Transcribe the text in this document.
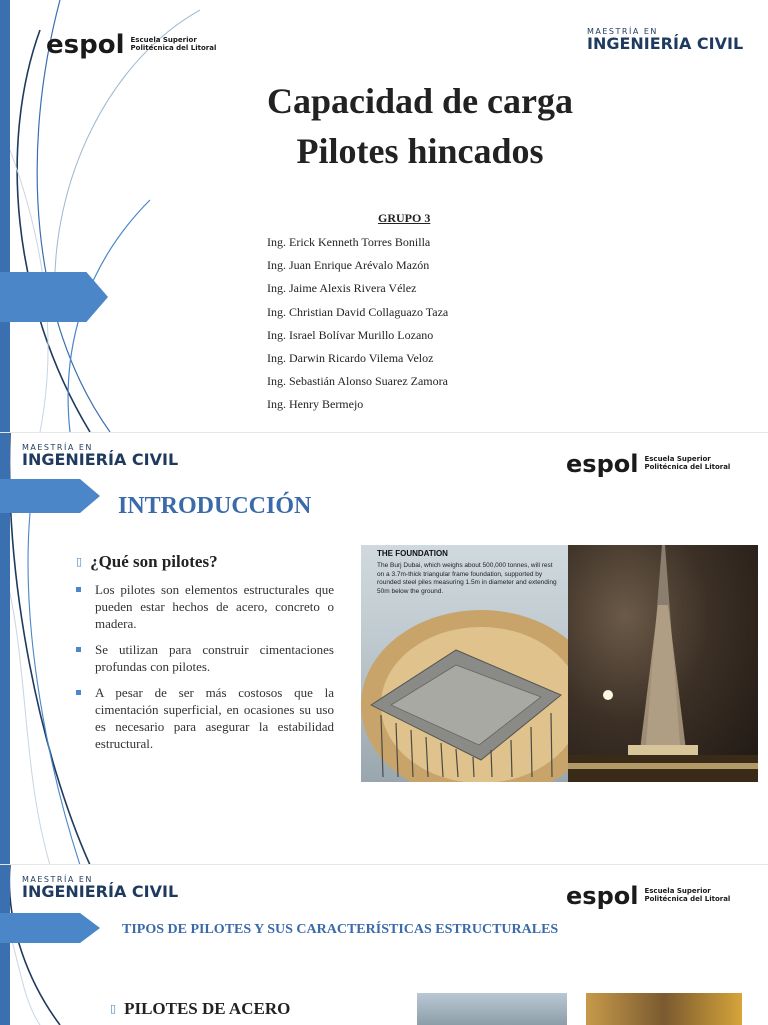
espol Escuela Superior
Politécnica del Litoral
MAESTRÍA EN
INGENIERÍA CIVIL
Capacidad de carga
Pilotes hincados
GRUPO 3
Ing. Erick Kenneth Torres Bonilla
Ing. Juan Enrique Arévalo Mazón
Ing. Jaime Alexis Rivera Vélez
Ing. Christian David Collaguazo Taza
Ing. Israel Bolívar Murillo Lozano
Ing. Darwin Ricardo Vilema Veloz
Ing. Sebastián Alonso Suarez Zamora
Ing. Henry Bermejo
MAESTRÍA EN
INGENIERÍA CIVIL	espol Escuela Superior
Politécnica del Litoral
INTRODUCCIÓN
▯ ¿Qué son pilotes?
Los pilotes son elementos estructurales que pueden estar hechos de acero, concreto o madera.
Se utilizan para construir cimentaciones profundas con pilotes.
A pesar de ser más costosos que la cimentación superficial, en ocasiones su uso es necesario para asegurar la estabilidad estructural.
THE FOUNDATION
The Burj Dubai, which weighs about 500,000 tonnes, will rest on a 3.7m-thick triangular frame foundation, supported by rounded steel piles measuring 1.5m in diameter and extending 50m below the ground.
MAESTRÍA EN
INGENIERÍA CIVIL	espol Escuela Superior
Politécnica del Litoral
TIPOS DE PILOTES Y SUS CARACTERÍSTICAS ESTRUCTURALES
▯ PILOTES DE ACERO
